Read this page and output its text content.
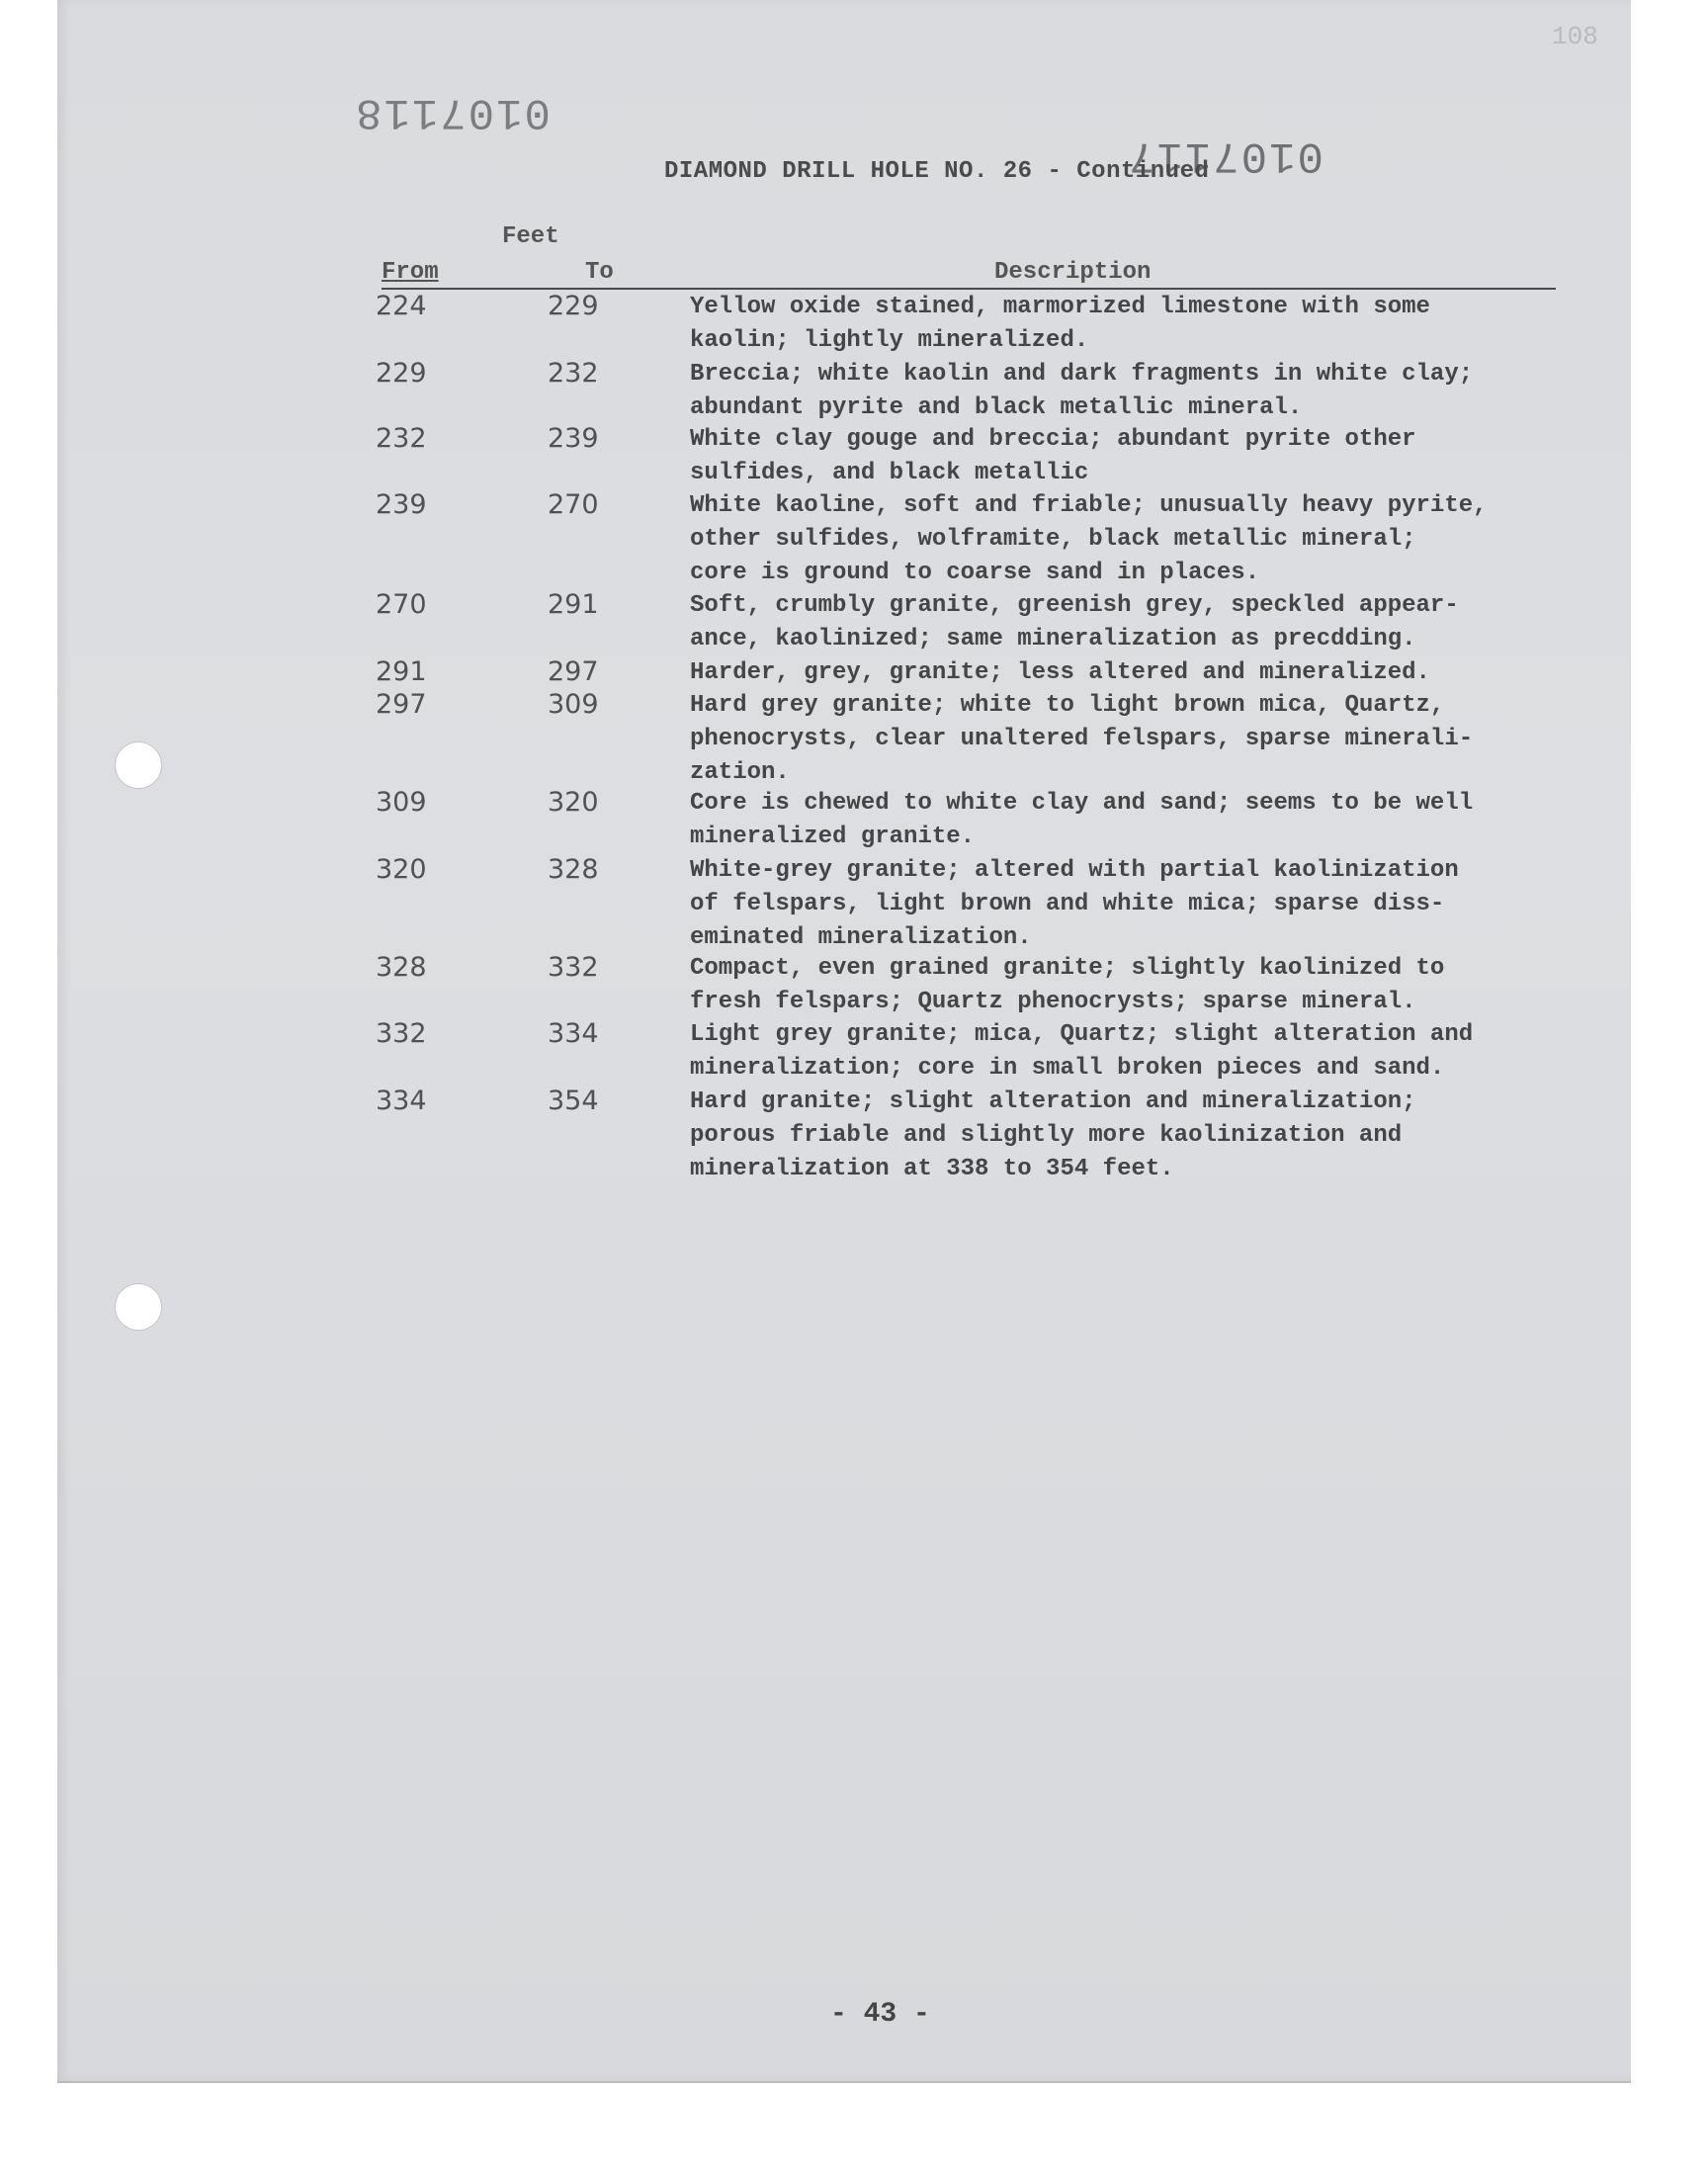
0107118
0107117
108
DIAMOND DRILL HOLE NO. 26 - Continued
Feet
From	To	Description
224	229	Yellow oxide stained, marmorized limestone with some
kaolin; lightly mineralized.
229	232	Breccia; white kaolin and dark fragments in white clay;
abundant pyrite and black metallic mineral.
232	239	White clay gouge and breccia; abundant pyrite other
sulfides, and black metallic
239	270	White kaoline, soft and friable; unusually heavy pyrite,
other sulfides, wolframite, black metallic mineral;
core is ground to coarse sand in places.
270	291	Soft, crumbly granite, greenish grey, speckled appear-
ance, kaolinized; same mineralization as precdding.
291	297	Harder, grey, granite; less altered and mineralized.
297	309	Hard grey granite; white to light brown mica, Quartz,
phenocrysts, clear unaltered felspars, sparse minerali-
zation.
309	320	Core is chewed to white clay and sand; seems to be well
mineralized granite.
320	328	White-grey granite; altered with partial kaolinization
of felspars, light brown and white mica; sparse diss-
eminated mineralization.
328	332	Compact, even grained granite; slightly kaolinized to
fresh felspars; Quartz phenocrysts; sparse mineral.
332	334	Light grey granite; mica, Quartz; slight alteration and
mineralization; core in small broken pieces and sand.
334	354	Hard granite; slight alteration and mineralization;
porous friable and slightly more kaolinization and
mineralization at 338 to 354 feet.
- 43 -
